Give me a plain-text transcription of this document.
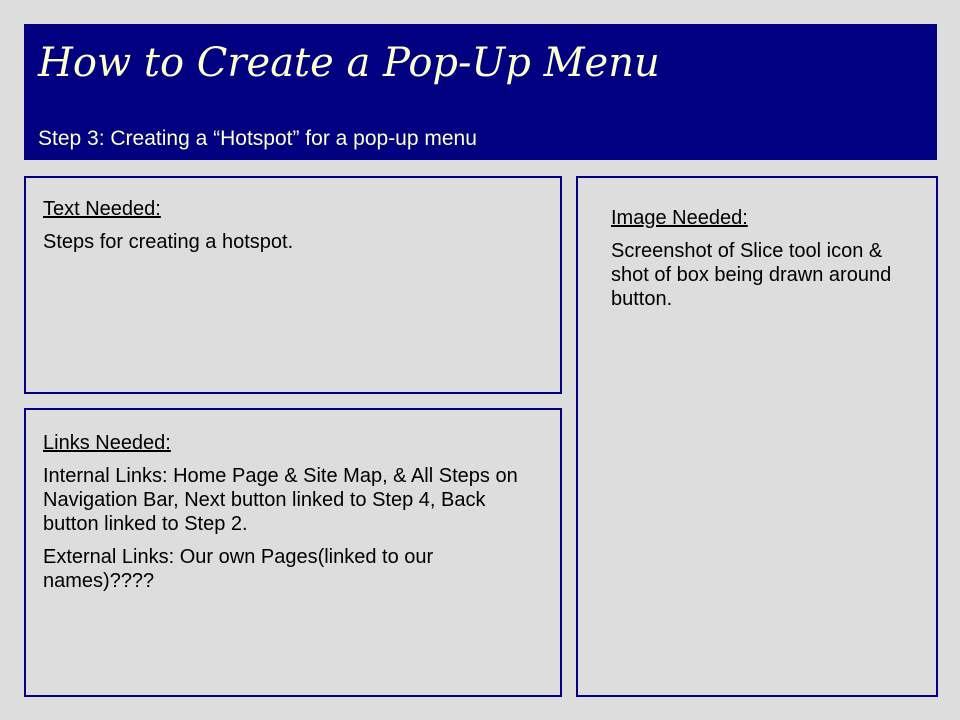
How to Create a Pop-Up Menu
Step 3: Creating a “Hotspot” for a pop-up menu

Text Needed:

Steps for creating a hotspot.

Links Needed:

Internal Links: Home Page & Site Map, & All Steps on Navigation Bar, Next button linked to Step 4, Back button linked to Step 2.

External Links: Our own Pages(linked to our names)????

Image Needed:

Screenshot of Slice tool icon & shot of box being drawn around button.
